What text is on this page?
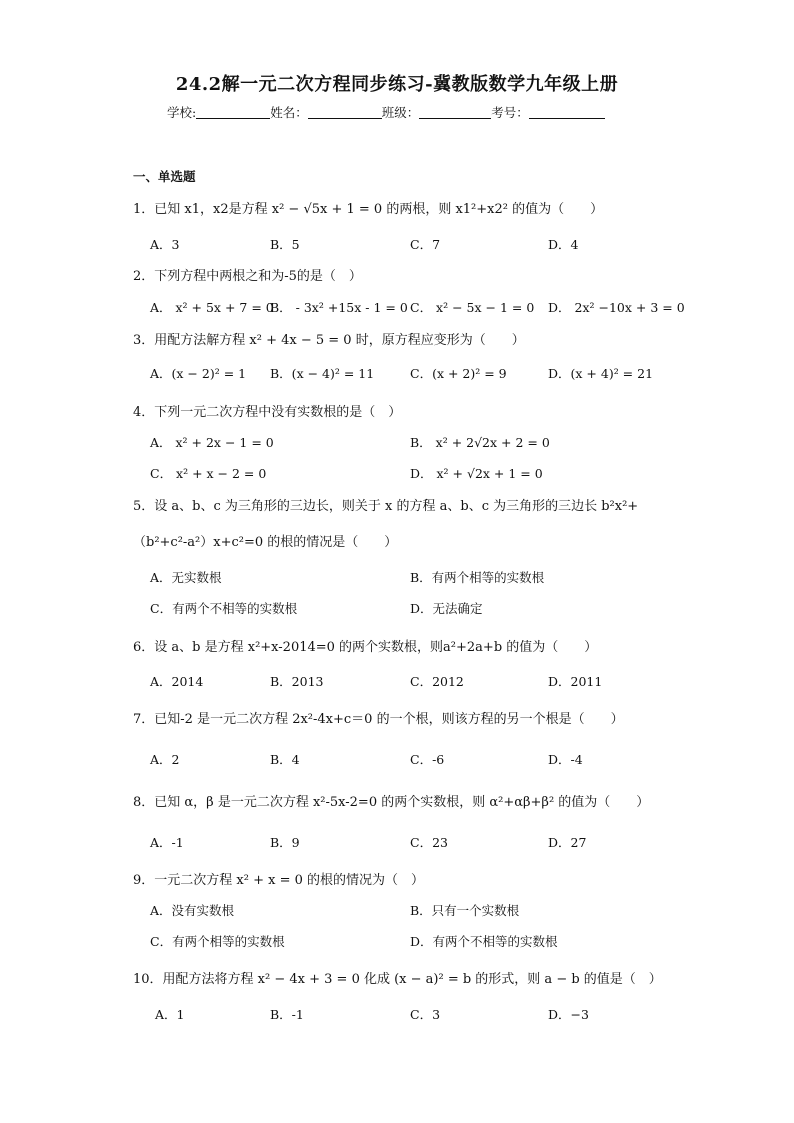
24.2解一元二次方程同步练习-冀教版数学九年级上册
学校:	姓名：	班级：	考号：
一、单选题
1．已知 x1，x2是方程 x² − √5x + 1 = 0 的两根，则 x1²+x2² 的值为（　　）
A．3	B．5	C．7	D．4
2．下列方程中两根之和为-5的是（　）
A． x² + 5x + 7 = 0
B． - 3x² +15x - 1 = 0 C． x² − 5x − 1 = 0 D． 2x² −10x + 3 = 0
3．用配方法解方程 x² + 4x − 5 = 0 时，原方程应变形为（　　）
A．(x − 2)² = 1 B．(x − 4)² = 11	C．(x + 2)² = 9	D．(x + 4)² = 21
4．下列一元二次方程中没有实数根的是（　）
A． x² + 2x − 1 = 0	B． x² + 2√2x + 2 = 0
C． x² + x − 2 = 0	D． x² + √2x + 1 = 0
5．设 a、b、c 为三角形的三边长，则关于 x 的方程 a、b、c 为三角形的三边长 b²x²+
（b²+c²-a²）x+c²=0 的根的情况是（　　）
A．无实数根	B．有两个相等的实数根
C．有两个不相等的实数根	D．无法确定
6．设 a、b 是方程 x²+x-2014=0 的两个实数根，则a²+2a+b 的值为（　　）
A．2014	B．2013	C．2012	D．2011
7．已知-2 是一元二次方程 2x²-4x+c＝0 的一个根，则该方程的另一个根是（　　）
A．2	B．4	C．-6	D．-4
8．已知 α，β 是一元二次方程 x²-5x-2=0 的两个实数根，则 α²+αβ+β² 的值为（　　）
A．-1	B．9	C．23	D．27
9．一元二次方程 x² + x = 0 的根的情况为（　）
A．没有实数根	B．只有一个实数根
C．有两个相等的实数根	D．有两个不相等的实数根
10．用配方法将方程 x² − 4x + 3 = 0 化成 (x − a)² = b 的形式，则 a − b 的值是（　）
A．1	B．-1	C．3	D．−3
